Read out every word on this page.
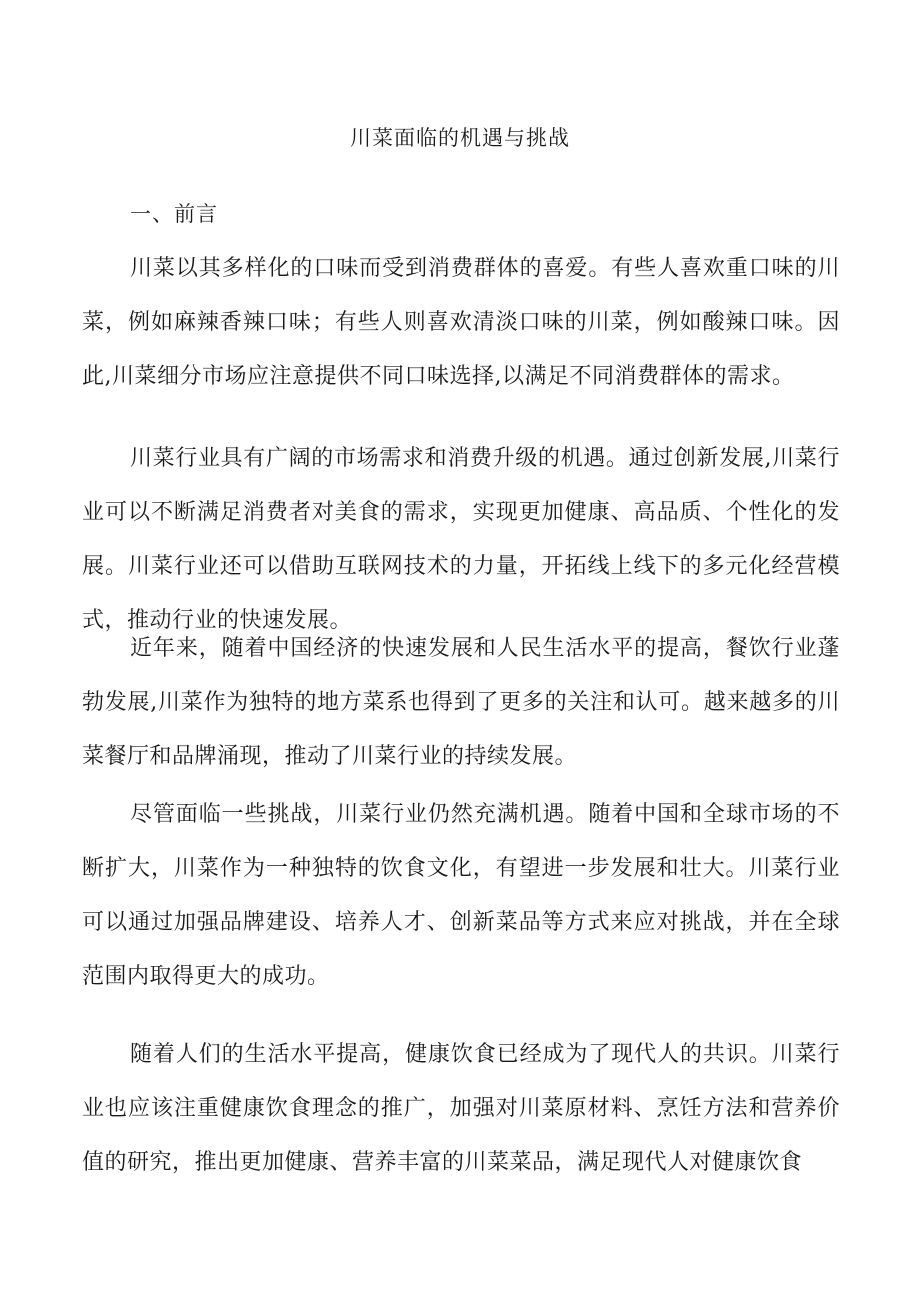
川菜面临的机遇与挑战
一、前言

川菜以其多样化的口味而受到消费群体的喜爱。有些人喜欢重口味的川菜，例如麻辣香辣口味；有些人则喜欢清淡口味的川菜，例如酸辣口味。因此,川菜细分市场应注意提供不同口味选择,以满足不同消费群体的需求。

川菜行业具有广阔的市场需求和消费升级的机遇。通过创新发展,川菜行业可以不断满足消费者对美食的需求，实现更加健康、高品质、个性化的发展。川菜行业还可以借助互联网技术的力量，开拓线上线下的多元化经营模式，推动行业的快速发展。

近年来，随着中国经济的快速发展和人民生活水平的提高，餐饮行业蓬勃发展,川菜作为独特的地方菜系也得到了更多的关注和认可。越来越多的川菜餐厅和品牌涌现，推动了川菜行业的持续发展。

尽管面临一些挑战，川菜行业仍然充满机遇。随着中国和全球市场的不断扩大，川菜作为一种独特的饮食文化，有望进一步发展和壮大。川菜行业可以通过加强品牌建设、培养人才、创新菜品等方式来应对挑战，并在全球范围内取得更大的成功。

随着人们的生活水平提高，健康饮食已经成为了现代人的共识。川菜行业也应该注重健康饮食理念的推广，加强对川菜原材料、烹饪方法和营养价值的研究，推出更加健康、营养丰富的川菜菜品，满足现代人对健康饮食
